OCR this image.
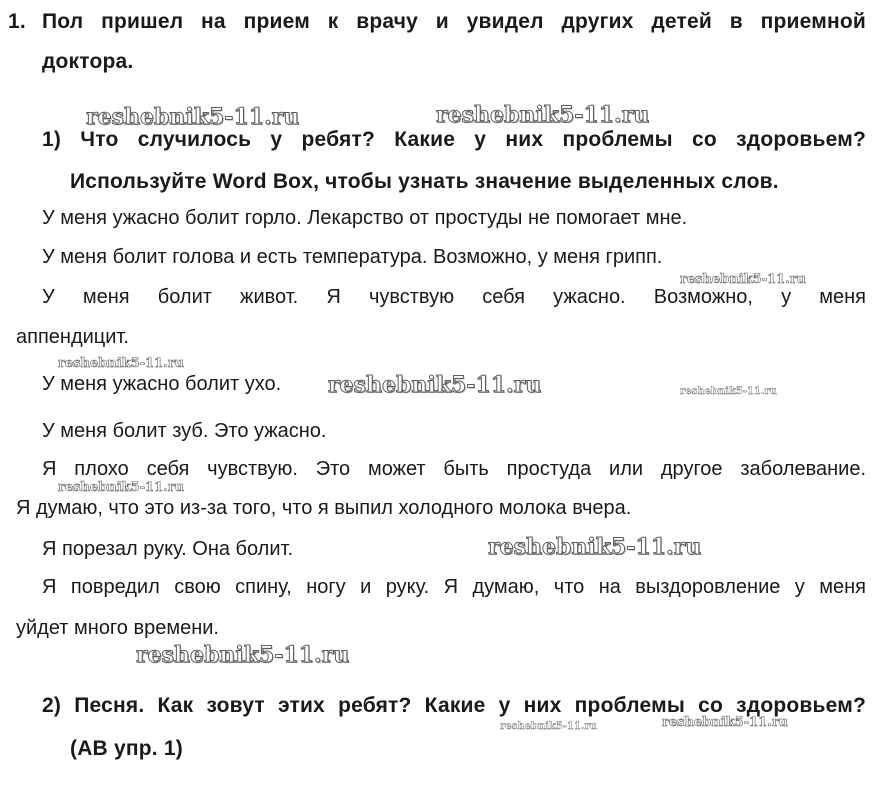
1. Пол пришел на прием к врачу и увидел других детей в приемной
доктора.
1) Что случилось у ребят? Какие у них проблемы со здоровьем?
Используйте Word Box, чтобы узнать значение выделенных слов.
У меня ужасно болит горло. Лекарство от простуды не помогает мне.
У меня болит голова и есть температура. Возможно, у меня грипп.
У меня болит живот. Я чувствую себя ужасно. Возможно, у меня
аппендицит.
У меня ужасно болит ухо.
У меня болит зуб. Это ужасно.
Я плохо себя чувствую. Это может быть простуда или другое заболевание.
Я думаю, что это из-за того, что я выпил холодного молока вчера.
Я порезал руку. Она болит.
Я повредил свою спину, ногу и руку. Я думаю, что на выздоровление у меня
уйдет много времени.
2) Песня. Как зовут этих ребят? Какие у них проблемы со здоровьем?
(AB упр. 1)
reshebnik5-11.ru	reshebnik5-11.ru
reshebnik5-11.ru
reshebnik5-11.ru
reshebnik5-11.ru	reshebnik5-11.ru
reshebnik5-11.ru
reshebnik5-11.ru
reshebnik5-11.ru
reshebnik5-11.ru	reshebnik5-11.ru
